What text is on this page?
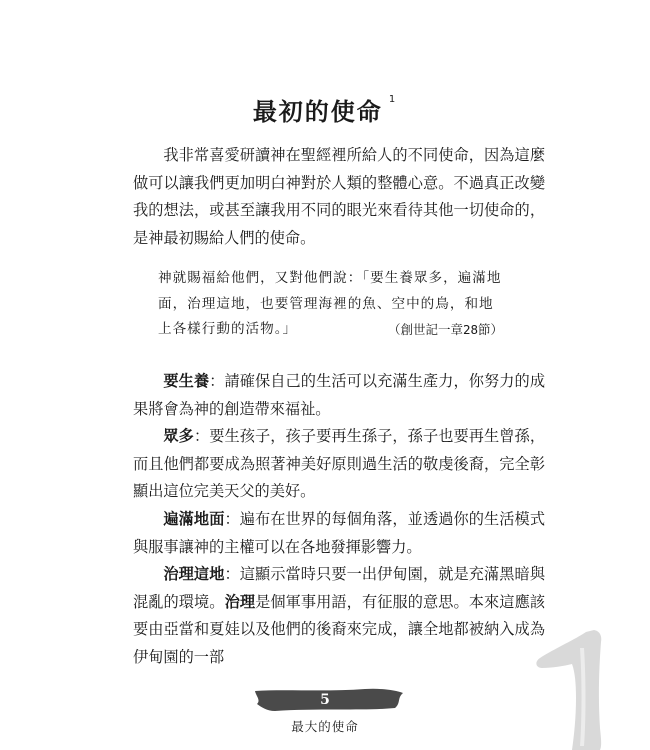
最初的使命 $^1$

我非常喜愛研讀神在聖經裡所給人的不同使命，因為這麼做可以讓我們更加明白神對於人類的整體心意。不過真正改變我的想法，或甚至讓我用不同的眼光來看待其他一切使命的，是神最初賜給人們的使命。

神就賜福給他們，又對他們說：「要生養眾多，遍滿地面，治理這地，也要管理海裡的魚、空中的鳥，和地上各樣行動的活物。」	（創世記一章28節）

要生養：請確保自己的生活可以充滿生產力，你努力的成果將會為神的創造帶來福祉。

眾多：要生孩子，孩子要再生孫子，孫子也要再生曾孫，而且他們都要成為照著神美好原則過生活的敬虔後裔，完全彰顯出這位完美天父的美好。

遍滿地面：遍布在世界的每個角落，並透過你的生活模式與服事讓神的主權可以在各地發揮影響力。

治理這地：這顯示當時只要一出伊甸園，就是充滿黑暗與混亂的環境。治理是個軍事用語，有征服的意思。本來這應該要由亞當和夏娃以及他們的後裔來完成，讓全地都被納入成為伊甸園的一部

5
最大的使命
